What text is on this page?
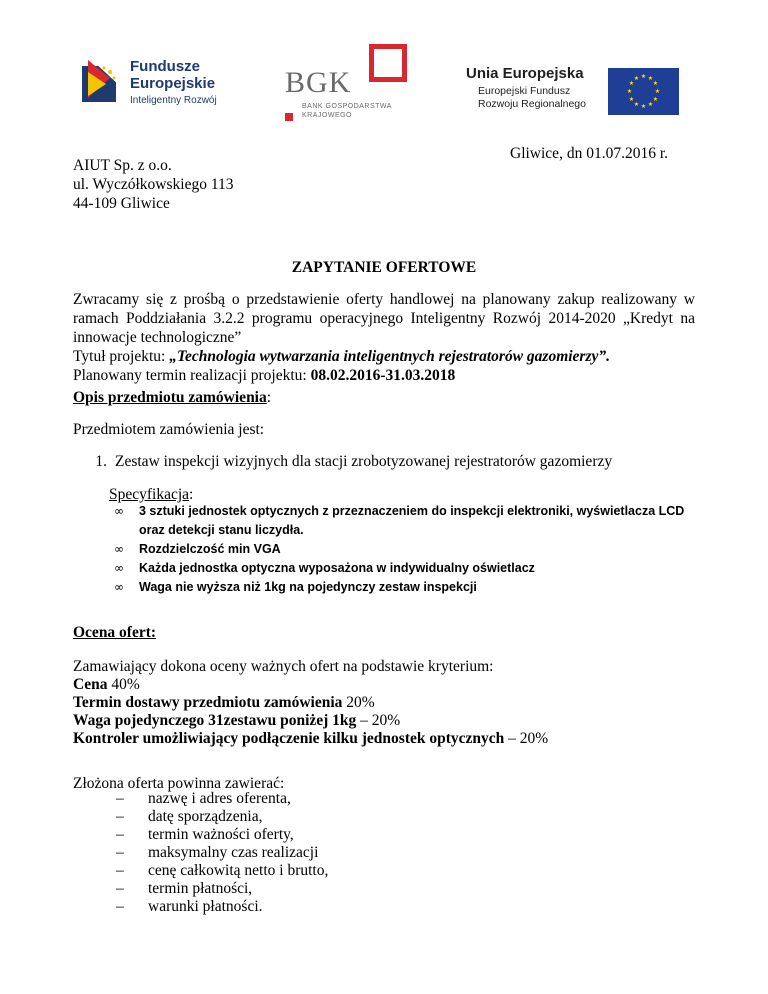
Fundusze
Europejskie
Inteligentny Rozwój
BGK
BANK GOSPODARSTWA
KRAJOWEGO
Unia Europejska
Europejski Fundusz
Rozwoju Regionalnego
★ ★
★
★
★
★
★
★
★
★
★
★
Gliwice, dn 01.07.2016 r.
AIUT Sp. z o.o.
ul. Wyczółkowskiego 113
44-109 Gliwice
ZAPYTANIE OFERTOWE

Zwracamy się z prośbą o przedstawienie oferty handlowej na planowany zakup realizowany w ramach Poddziałania 3.2.2 programu operacyjnego Inteligentny Rozwój 2014-2020 „Kredyt na innowacje technologiczne”

Tytuł projektu: „Technologia wytwarzania inteligentnych rejestratorów gazomierzy”.

Planowany termin realizacji projektu: 08.02.2016-31.03.2018

Opis przedmiotu zamówienia:
Przedmiotem zamówienia jest:
1. Zestaw inspekcji wizyjnych dla stacji zrobotyzowanej rejestratorów gazomierzy
Specyfikacja:
∞ 3 sztuki jednostek optycznych z przeznaczeniem do inspekcji elektroniki, wyświetlacza LCD oraz detekcji stanu liczydła.
∞ Rozdzielczość min VGA
∞ Każda jednostka optyczna wyposażona w indywidualny oświetlacz
∞ Waga nie wyższa niż 1kg na pojedynczy zestaw inspekcji
Ocena ofert:
Zamawiający dokona oceny ważnych ofert na podstawie kryterium:
Cena 40%
Termin dostawy przedmiotu zamówienia 20%
Waga pojedynczego 31zestawu poniżej 1kg – 20%
Kontroler umożliwiający podłączenie kilku jednostek optycznych – 20%
Złożona oferta powinna zawierać:
– nazwę i adres oferenta,
– datę sporządzenia,
– termin ważności oferty,
– maksymalny czas realizacji
– cenę całkowitą netto i brutto,
– termin płatności,
– warunki płatności.
